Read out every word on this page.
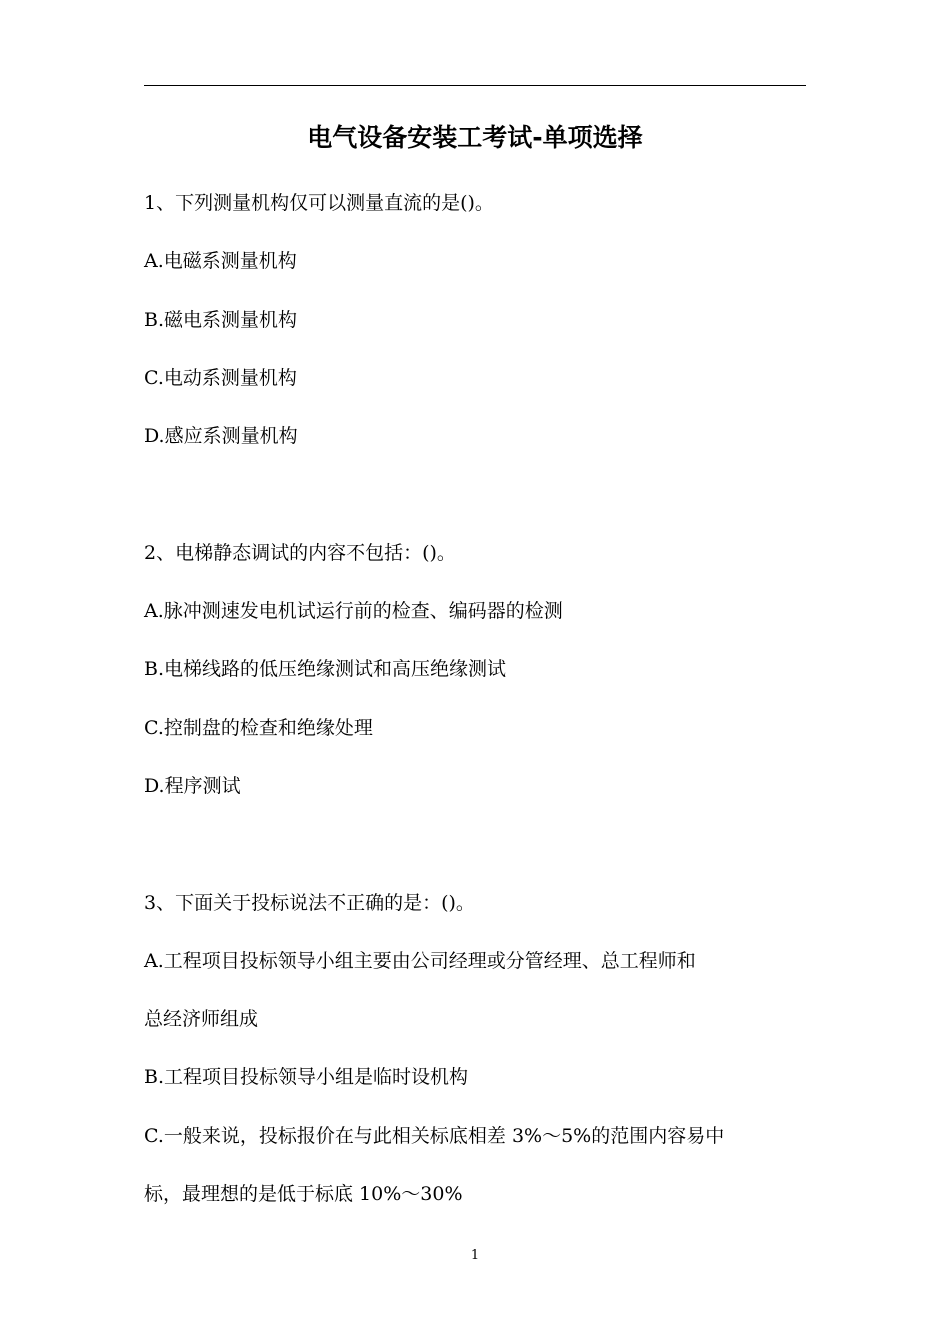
电气设备安装工考试-单项选择
1、下列测量机构仅可以测量直流的是()。
A.电磁系测量机构
B.磁电系测量机构
C.电动系测量机构
D.感应系测量机构
2、电梯静态调试的内容不包括：()。
A.脉冲测速发电机试运行前的检查、编码器的检测
B.电梯线路的低压绝缘测试和高压绝缘测试
C.控制盘的检查和绝缘处理
D.程序测试
3、下面关于投标说法不正确的是：()。
A.工程项目投标领导小组主要由公司经理或分管经理、总工程师和
总经济师组成
B.工程项目投标领导小组是临时设机构
C.一般来说，投标报价在与此相关标底相差 3%～5%的范围内容易中
标，最理想的是低于标底 10%～30%
1
